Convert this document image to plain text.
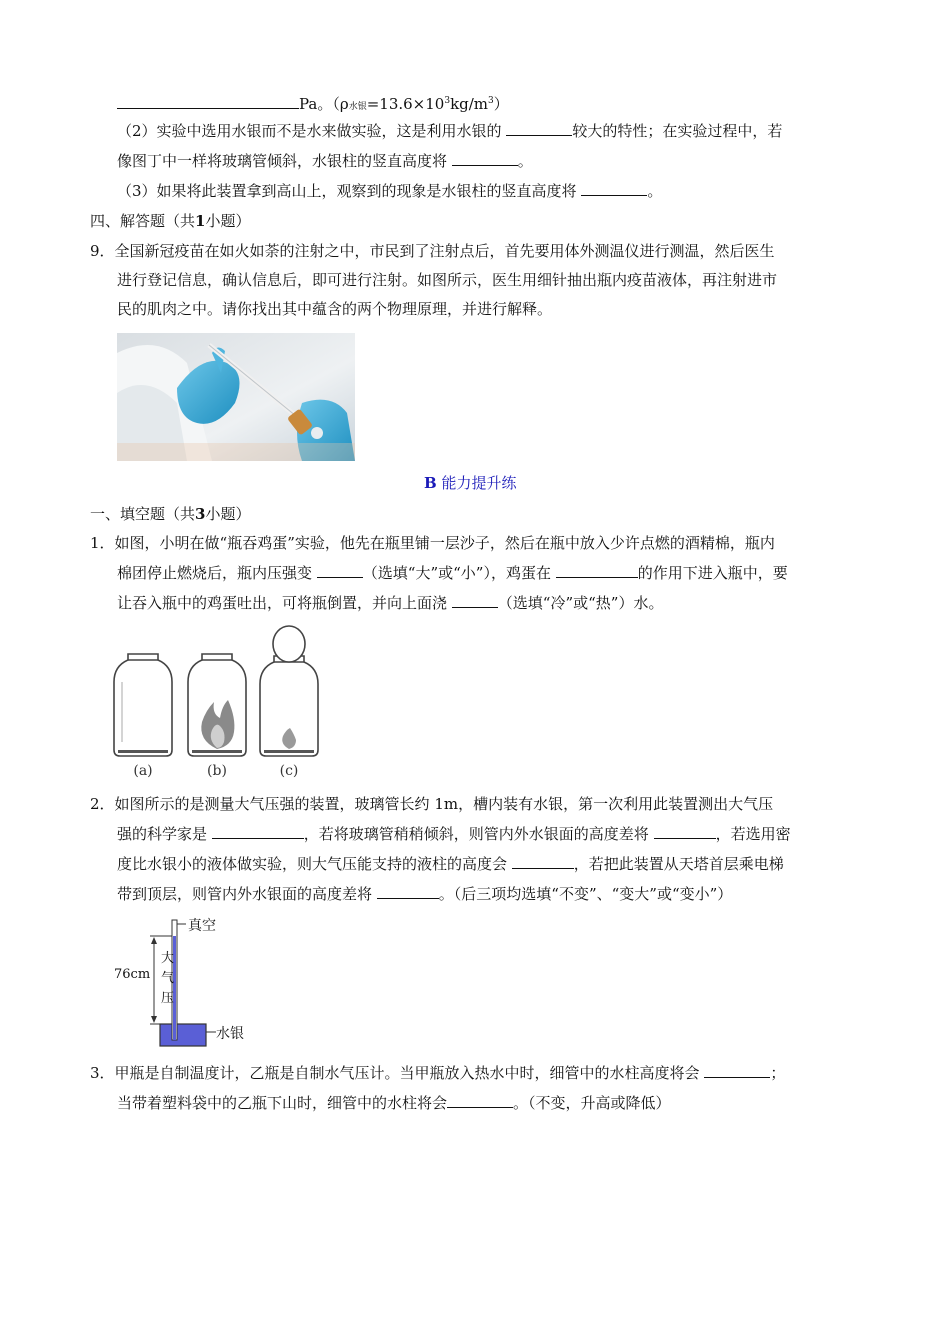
Pa。（ρ水银$=13.6\times 10^3kg/m^3$）
（2）实验中选用水银而不是水来做实验，这是利用水银的	较大的特性；在实验过程中，若
像图丁中一样将玻璃管倾斜，水银柱的竖直高度将	。
（3）如果将此装置拿到高山上，观察到的现象是水银柱的竖直高度将	。
四、解答题（共1小题）
9．全国新冠疫苗在如火如荼的注射之中，市民到了注射点后，首先要用体外测温仪进行测温，然后医生
进行登记信息，确认信息后，即可进行注射。如图所示，医生用细针抽出瓶内疫苗液体，再注射进市
民的肌肉之中。请你找出其中蕴含的两个物理原理，并进行解释。
B 能力提升练
一、填空题（共3小题）
1．如图，小明在做“瓶吞鸡蛋”实验，他先在瓶里铺一层沙子，然后在瓶中放入少许点燃的酒精棉，瓶内
棉团停止燃烧后，瓶内压强变	（选填“大”或“小”），鸡蛋在	的作用下进入瓶中，要
让吞入瓶中的鸡蛋吐出，可将瓶倒置，并向上面浇	（选填“冷”或“热”）水。
(a)	(b)	(c)
2．如图所示的是测量大气压强的装置，玻璃管长约 1m，槽内装有水银，第一次利用此装置测出大气压
强的科学家是	，若将玻璃管稍稍倾斜，则管内外水银面的高度差将	，若选用密
度比水银小的液体做实验，则大气压能支持的液柱的高度会	，若把此装置从天塔首层乘电梯
带到顶层，则管内外水银面的高度差将	。（后三项均选填“不变”、“变大”或“变小”）
真空
76cm
大
气
压
水银
3．甲瓶是自制温度计，乙瓶是自制水气压计。当甲瓶放入热水中时，细管中的水柱高度将会	；
当带着塑料袋中的乙瓶下山时，细管中的水柱将会	。（不变，升高或降低）
